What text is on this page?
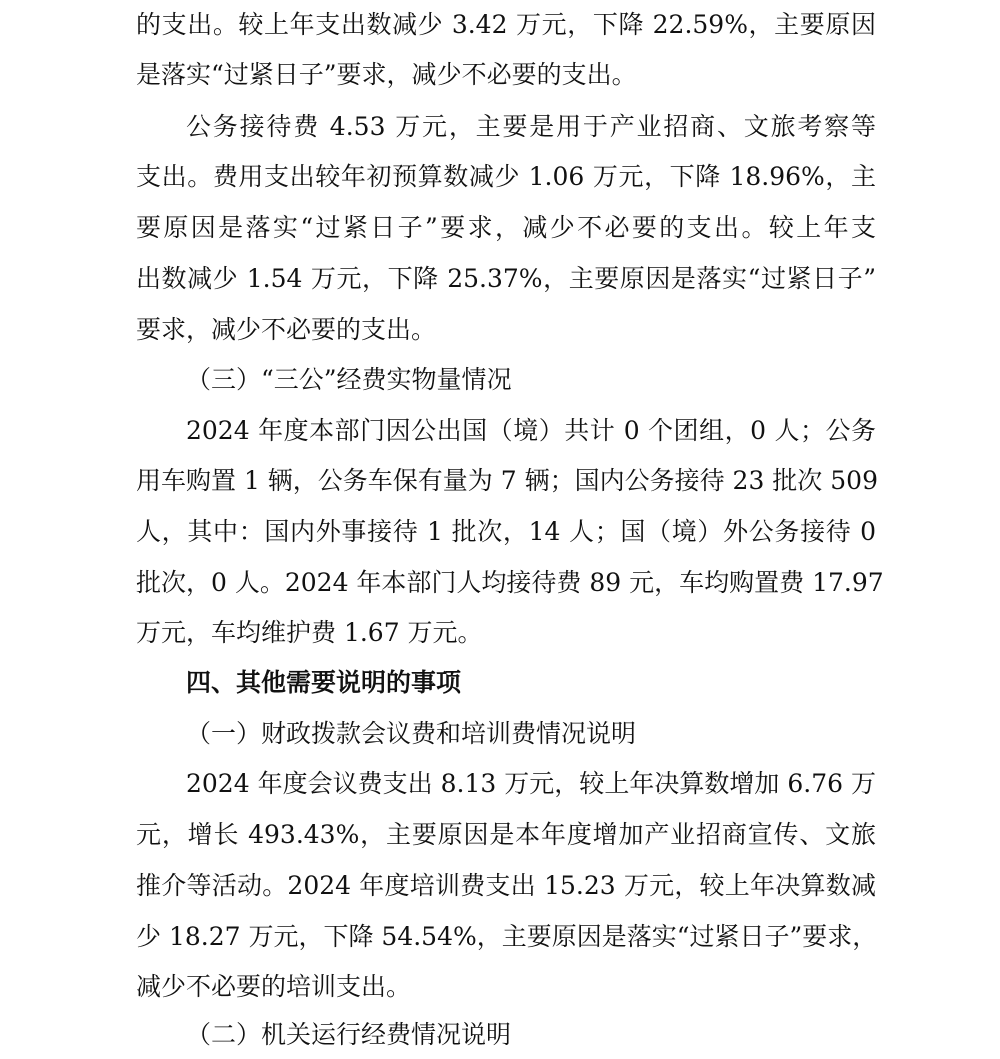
的支出。较上年支出数减少 3.42 万元，下降 22.59%，主要原因
是落实“过紧日子”要求，减少不必要的支出。
公务接待费 4.53 万元，主要是用于产业招商、文旅考察等
支出。费用支出较年初预算数减少 1.06 万元，下降 18.96%，主
要原因是落实“过紧日子”要求，减少不必要的支出。较上年支
出数减少 1.54 万元，下降 25.37%，主要原因是落实“过紧日子”
要求，减少不必要的支出。
（三）“三公”经费实物量情况
2024 年度本部门因公出国（境）共计 0 个团组，0 人；公务
用车购置 1 辆，公务车保有量为 7 辆；国内公务接待 23 批次 509
人，其中：国内外事接待 1 批次，14 人；国（境）外公务接待 0
批次，0 人。2024 年本部门人均接待费 89 元，车均购置费 17.97
万元，车均维护费 1.67 万元。
四、其他需要说明的事项
（一）财政拨款会议费和培训费情况说明
2024 年度会议费支出 8.13 万元，较上年决算数增加 6.76 万
元，增长 493.43%，主要原因是本年度增加产业招商宣传、文旅
推介等活动。2024 年度培训费支出 15.23 万元，较上年决算数减
少 18.27 万元，下降 54.54%，主要原因是落实“过紧日子”要求，
减少不必要的培训支出。
（二）机关运行经费情况说明
